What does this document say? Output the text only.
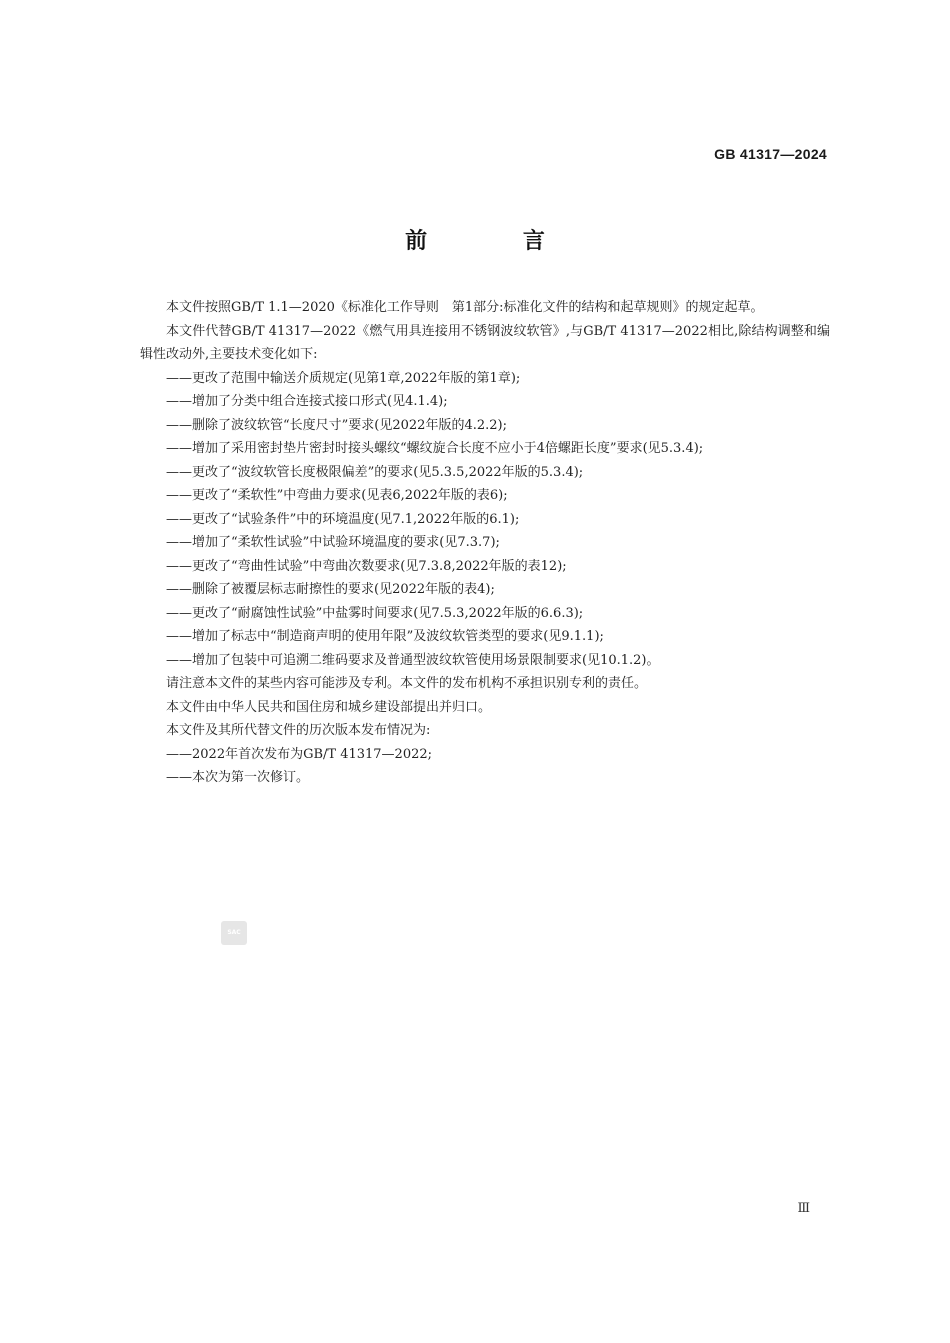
GB 41317—2024
前 言

本文件按照GB/T 1.1—2020《标准化工作导则　第1部分:标准化文件的结构和起草规则》的规定起草。

本文件代替GB/T 41317—2022《燃气用具连接用不锈钢波纹软管》,与GB/T 41317—2022相比,除结构调整和编辑性改动外,主要技术变化如下:

——更改了范围中输送介质规定(见第1章,2022年版的第1章);

——增加了分类中组合连接式接口形式(见4.1.4);

——删除了波纹软管“长度尺寸”要求(见2022年版的4.2.2);

——增加了采用密封垫片密封时接头螺纹“螺纹旋合长度不应小于4倍螺距长度”要求(见5.3.4);

——更改了“波纹软管长度极限偏差”的要求(见5.3.5,2022年版的5.3.4);

——更改了“柔软性”中弯曲力要求(见表6,2022年版的表6);

——更改了“试验条件”中的环境温度(见7.1,2022年版的6.1);

——增加了“柔软性试验”中试验环境温度的要求(见7.3.7);

——更改了“弯曲性试验”中弯曲次数要求(见7.3.8,2022年版的表12);

——删除了被覆层标志耐擦性的要求(见2022年版的表4);

——更改了“耐腐蚀性试验”中盐雾时间要求(见7.5.3,2022年版的6.6.3);

——增加了标志中“制造商声明的使用年限”及波纹软管类型的要求(见9.1.1);

——增加了包装中可追溯二维码要求及普通型波纹软管使用场景限制要求(见10.1.2)。

请注意本文件的某些内容可能涉及专利。本文件的发布机构不承担识别专利的责任。

本文件由中华人民共和国住房和城乡建设部提出并归口。

本文件及其所代替文件的历次版本发布情况为:

——2022年首次发布为GB/T 41317—2022;

——本次为第一次修订。

SAC
Ⅲ
